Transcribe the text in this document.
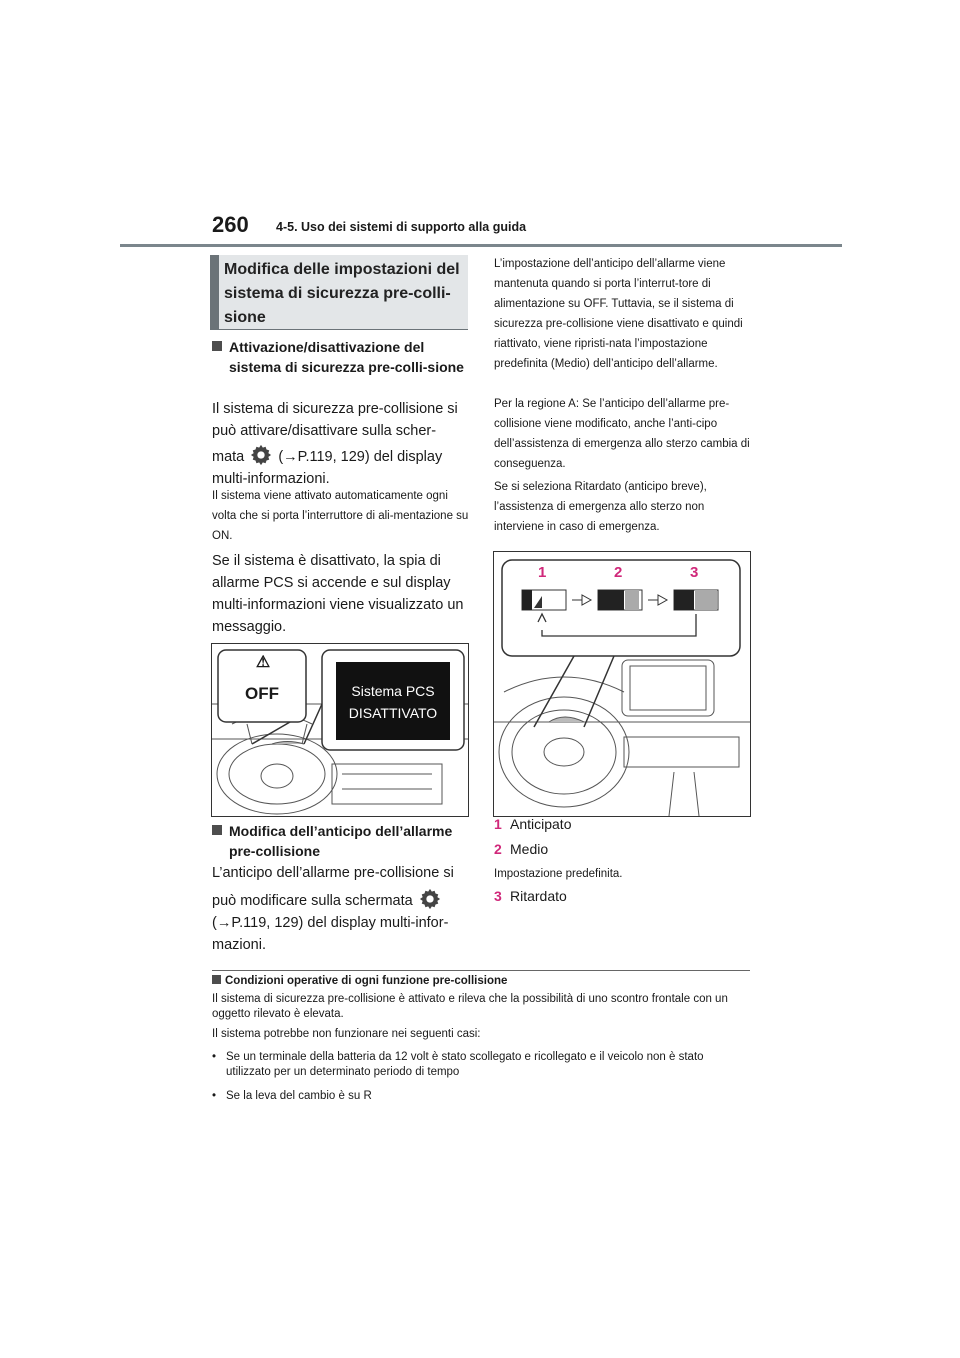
260 4-5. Uso dei sistemi di supporto alla guida
Modifica delle impostazioni del sistema di sicurezza pre-colli-sione
Attivazione/disattivazione del sistema di sicurezza pre-colli-sione
Il sistema di sicurezza pre-collisione si può attivare/disattivare sulla scher-
mata (→P.119, 129) del display
multi-informazioni.
Il sistema viene attivato automaticamente ogni volta che si porta l’interruttore di ali-mentazione su ON.
Se il sistema è disattivato, la spia di allarme PCS si accende e sul display multi-informazioni viene visualizzato un messaggio.
⚠
OFF	Sistema PCS
DISATTIVATO
Modifica dell’anticipo dell’allarme pre-collisione
L’anticipo dell’allarme pre-collisione si
può modificare sulla schermata
(→P.119, 129) del display multi-infor-mazioni.
L’impostazione dell’anticipo dell’allarme viene mantenuta quando si porta l’interrut-tore di alimentazione su OFF. Tuttavia, se il sistema di sicurezza pre-collisione viene disattivato e quindi riattivato, viene ripristi-nata l’impostazione predefinita (Medio) dell’anticipo dell’allarme.
Per la regione A: Se l’anticipo dell’allarme pre-collisione viene modificato, anche l’anti-cipo dell’assistenza di emergenza allo sterzo cambia di conseguenza.
Se si seleziona Ritardato (anticipo breve), l’assistenza di emergenza allo sterzo non interviene in caso di emergenza.
1	2	3
1 Anticipato
2 Medio
Impostazione predefinita.
3 Ritardato
Condizioni operative di ogni funzione pre-collisione
Il sistema di sicurezza pre-collisione è attivato e rileva che la possibilità di uno scontro frontale con un oggetto rilevato è elevata.
Il sistema potrebbe non funzionare nei seguenti casi:
• Se un terminale della batteria da 12 volt è stato scollegato e ricollegato e il veicolo non è stato utilizzato per un determinato periodo di tempo
• Se la leva del cambio è su R
